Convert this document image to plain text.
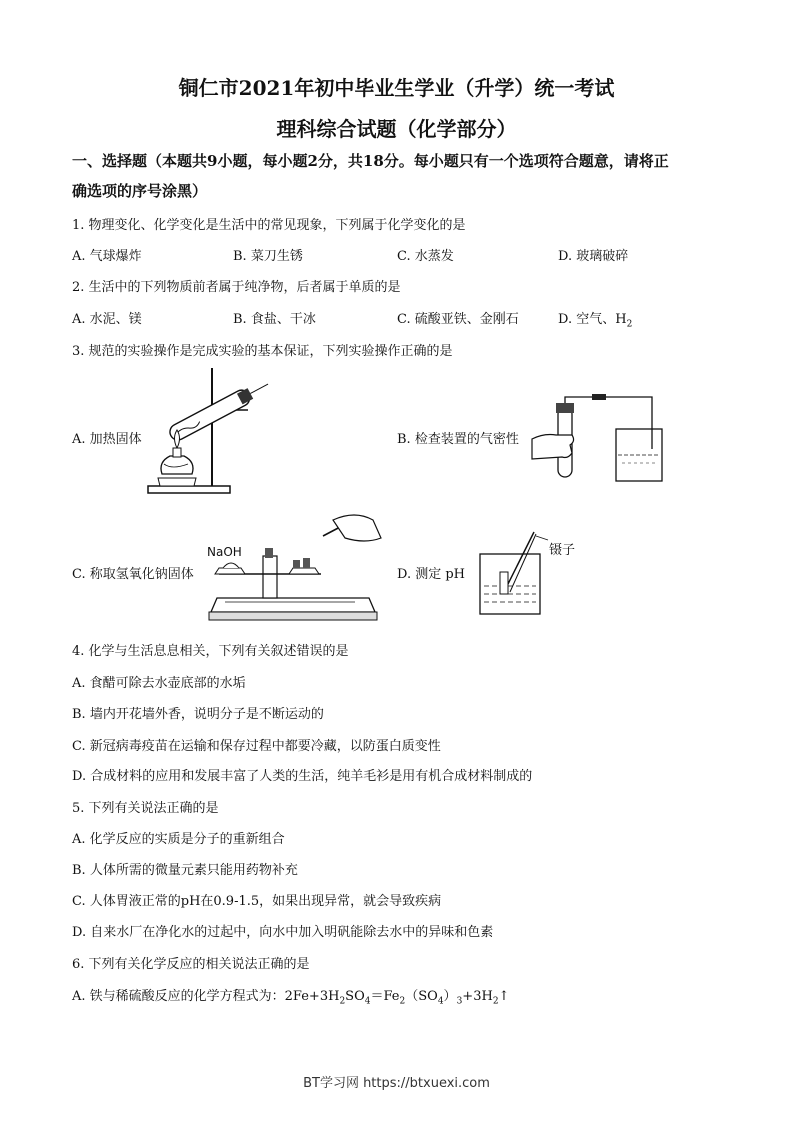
铜仁市2021年初中毕业生学业（升学）统一考试
理科综合试题（化学部分）
一、选择题（本题共9小题，每小题2分，共18分。每小题只有一个选项符合题意，请将正
确选项的序号涂黑）
1. 物理变化、化学变化是生活中的常见现象，下列属于化学变化的是
A. 气球爆炸	B. 菜刀生锈	C. 水蒸发	D. 玻璃破碎
2. 生活中的下列物质前者属于纯净物，后者属于单质的是
A. 水泥、镁	B. 食盐、干冰	C. 硫酸亚铁、金刚石	D. 空气、$H_2$
3. 规范的实验操作是完成实验的基本保证，下列实验操作正确的是
A. 加热固体	B. 检查装置的气密性
C. 称取氢氧化钠固体	D. 测定 pH
NaOH	镊子
4. 化学与生活息息相关，下列有关叙述错误的是
A. 食醋可除去水壶底部的水垢
B. 墙内开花墙外香，说明分子是不断运动的
C. 新冠病毒疫苗在运输和保存过程中都要冷藏，以防蛋白质变性
D. 合成材料的应用和发展丰富了人类的生活，纯羊毛衫是用有机合成材料制成的
5. 下列有关说法正确的是
A. 化学反应的实质是分子的重新组合
B. 人体所需的微量元素只能用药物补充
C. 人体胃液正常的pH在0.9-1.5，如果出现异常，就会导致疾病
D. 自来水厂在净化水的过起中，向水中加入明矾能除去水中的异味和色素
6. 下列有关化学反应的相关说法正确的是
A. 铁与稀硫酸反应的化学方程式为：$2Fe+3H_2SO_4=Fe_2(SO_4)_3+3H_2↑$
BT学习网 https://btxuexi.com
